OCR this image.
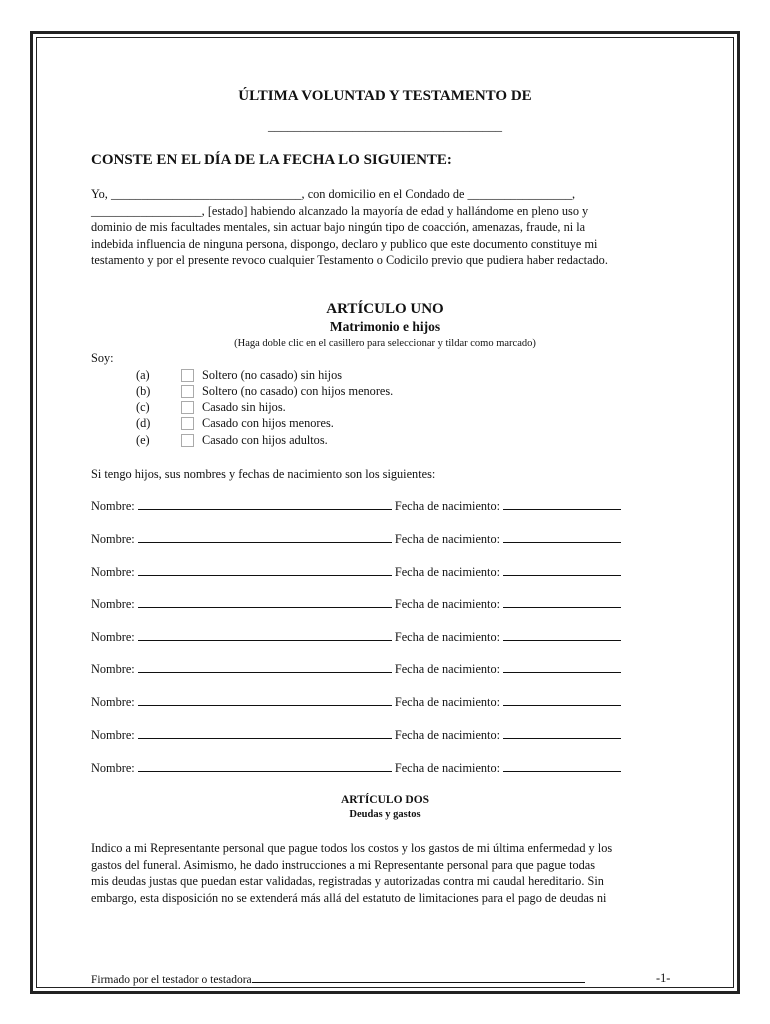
ÚLTIMA VOLUNTAD Y TESTAMENTO DE
____________________________________
CONSTE EN EL DÍA DE LA FECHA LO SIGUIENTE:
Yo, _______________________________, con domicilio en el Condado de _________________,
__________________, [estado] habiendo alcanzado la mayoría de edad y hallándome en pleno uso y
dominio de mis facultades mentales, sin actuar bajo ningún tipo de coacción, amenazas, fraude, ni la
indebida influencia de ninguna persona, dispongo, declaro y publico que este documento constituye mi
testamento y por el presente revoco cualquier Testamento o Codicilo previo que pudiera haber redactado.
ARTÍCULO UNO
Matrimonio e hijos
(Haga doble clic en el casillero para seleccionar y tildar como marcado)
Soy:
(a)	Soltero (no casado) sin hijos
(b)	Soltero (no casado) con hijos menores.
(c)	Casado sin hijos.
(d)	Casado con hijos menores.
(e)	Casado con hijos adultos.
Si tengo hijos, sus nombres y fechas de nacimiento son los siguientes:
Nombre:	Fecha de nacimiento:
Nombre:	Fecha de nacimiento:
Nombre:	Fecha de nacimiento:
Nombre:	Fecha de nacimiento:
Nombre:	Fecha de nacimiento:
Nombre:	Fecha de nacimiento:
Nombre:	Fecha de nacimiento:
Nombre:	Fecha de nacimiento:
Nombre:	Fecha de nacimiento:
ARTÍCULO DOS
Deudas y gastos
Indico a mi Representante personal que pague todos los costos y los gastos de mi última enfermedad y los
gastos del funeral. Asimismo, he dado instrucciones a mi Representante personal para que pague todas
mis deudas justas que puedan estar validadas, registradas y autorizadas contra mi caudal hereditario. Sin
embargo, esta disposición no se extenderá más allá del estatuto de limitaciones para el pago de deudas ni
Firmado por el testador o testadora	-1-
